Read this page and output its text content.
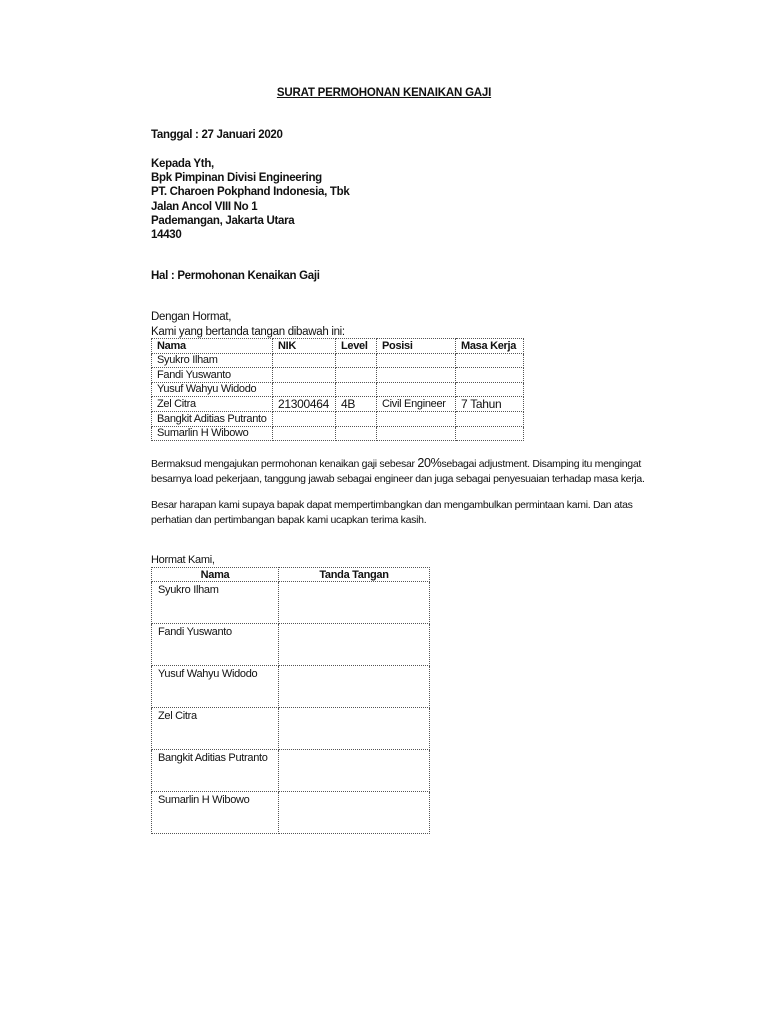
SURAT PERMOHONAN KENAIKAN GAJI
Tanggal : 27 Januari 2020
Kepada Yth,
Bpk Pimpinan Divisi Engineering
PT. Charoen Pokphand Indonesia, Tbk
Jalan Ancol VIII No 1
Pademangan, Jakarta Utara
14430
Hal : Permohonan Kenaikan Gaji
Dengan Hormat,
Kami yang bertanda tangan dibawah ini:
Nama	NIK	Level	Posisi	Masa Kerja
Syukro Ilham				
Fandi Yuswanto				
Yusuf Wahyu Widodo				
Zel Citra	21300464	4B	Civil Engineer	7 Tahun
Bangkit Aditias Putranto				
Sumarlin H Wibowo				
Bermaksud mengajukan permohonan kenaikan gaji sebesar 20%sebagai adjustment. Disamping itu mengingat
besarnya load pekerjaan, tanggung jawab sebagai engineer dan juga sebagai penyesuaian terhadap masa kerja.
Besar harapan kami supaya bapak dapat mempertimbangkan dan mengambulkan permintaan kami. Dan atas
perhatian dan pertimbangan bapak kami ucapkan terima kasih.
Hormat Kami,
Nama	Tanda Tangan

Syukro Ilham	

Fandi Yuswanto	

Yusuf Wahyu Widodo	

Zel Citra	

Bangkit Aditias Putranto	

Sumarlin H Wibowo	
